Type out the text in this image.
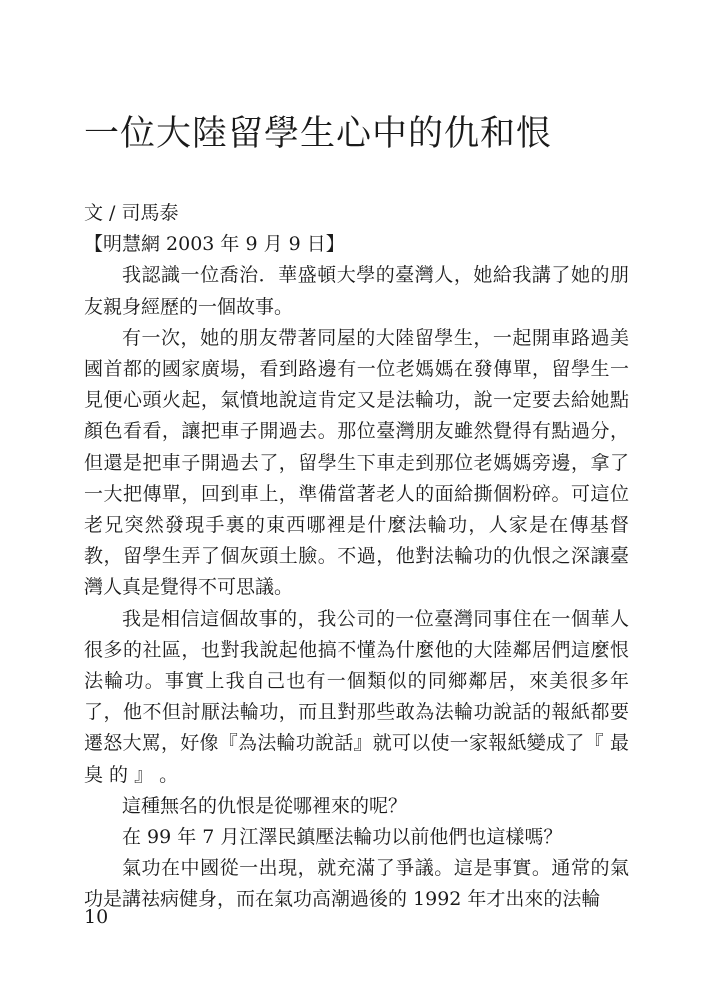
一位大陸留學生心中的仇和恨

文 / 司馬泰

【明慧網 2003 年 9 月 9 日】

我認識一位喬治．華盛頓大學的臺灣人，她給我講了她的朋友親身經歷的一個故事。

有一次，她的朋友帶著同屋的大陸留學生，一起開車路過美國首都的國家廣場，看到路邊有一位老媽媽在發傳單，留學生一見便心頭火起，氣憤地說這肯定又是法輪功，說一定要去給她點顏色看看，讓把車子開過去。那位臺灣朋友雖然覺得有點過分，但還是把車子開過去了，留學生下車走到那位老媽媽旁邊，拿了一大把傳單，回到車上，準備當著老人的面給撕個粉碎。可這位老兄突然發現手裏的東西哪裡是什麼法輪功，人家是在傳基督教，留學生弄了個灰頭土臉。不過，他對法輪功的仇恨之深讓臺灣人真是覺得不可思議。

我是相信這個故事的，我公司的一位臺灣同事住在一個華人很多的社區，也對我說起他搞不懂為什麼他的大陸鄰居們這麼恨法輪功。事實上我自己也有一個類似的同鄉鄰居，來美很多年了，他不但討厭法輪功，而且對那些敢為法輪功說話的報紙都要遷怒大罵，好像『為法輪功說話』就可以使一家報紙變成了『 最 臭 的 』 。

這種無名的仇恨是從哪裡來的呢？

在 99 年 7 月江澤民鎮壓法輪功以前他們也這樣嗎？

氣功在中國從一出現，就充滿了爭議。這是事實。通常的氣功是講祛病健身，而在氣功高潮過後的 1992 年才出來的法輪

10
